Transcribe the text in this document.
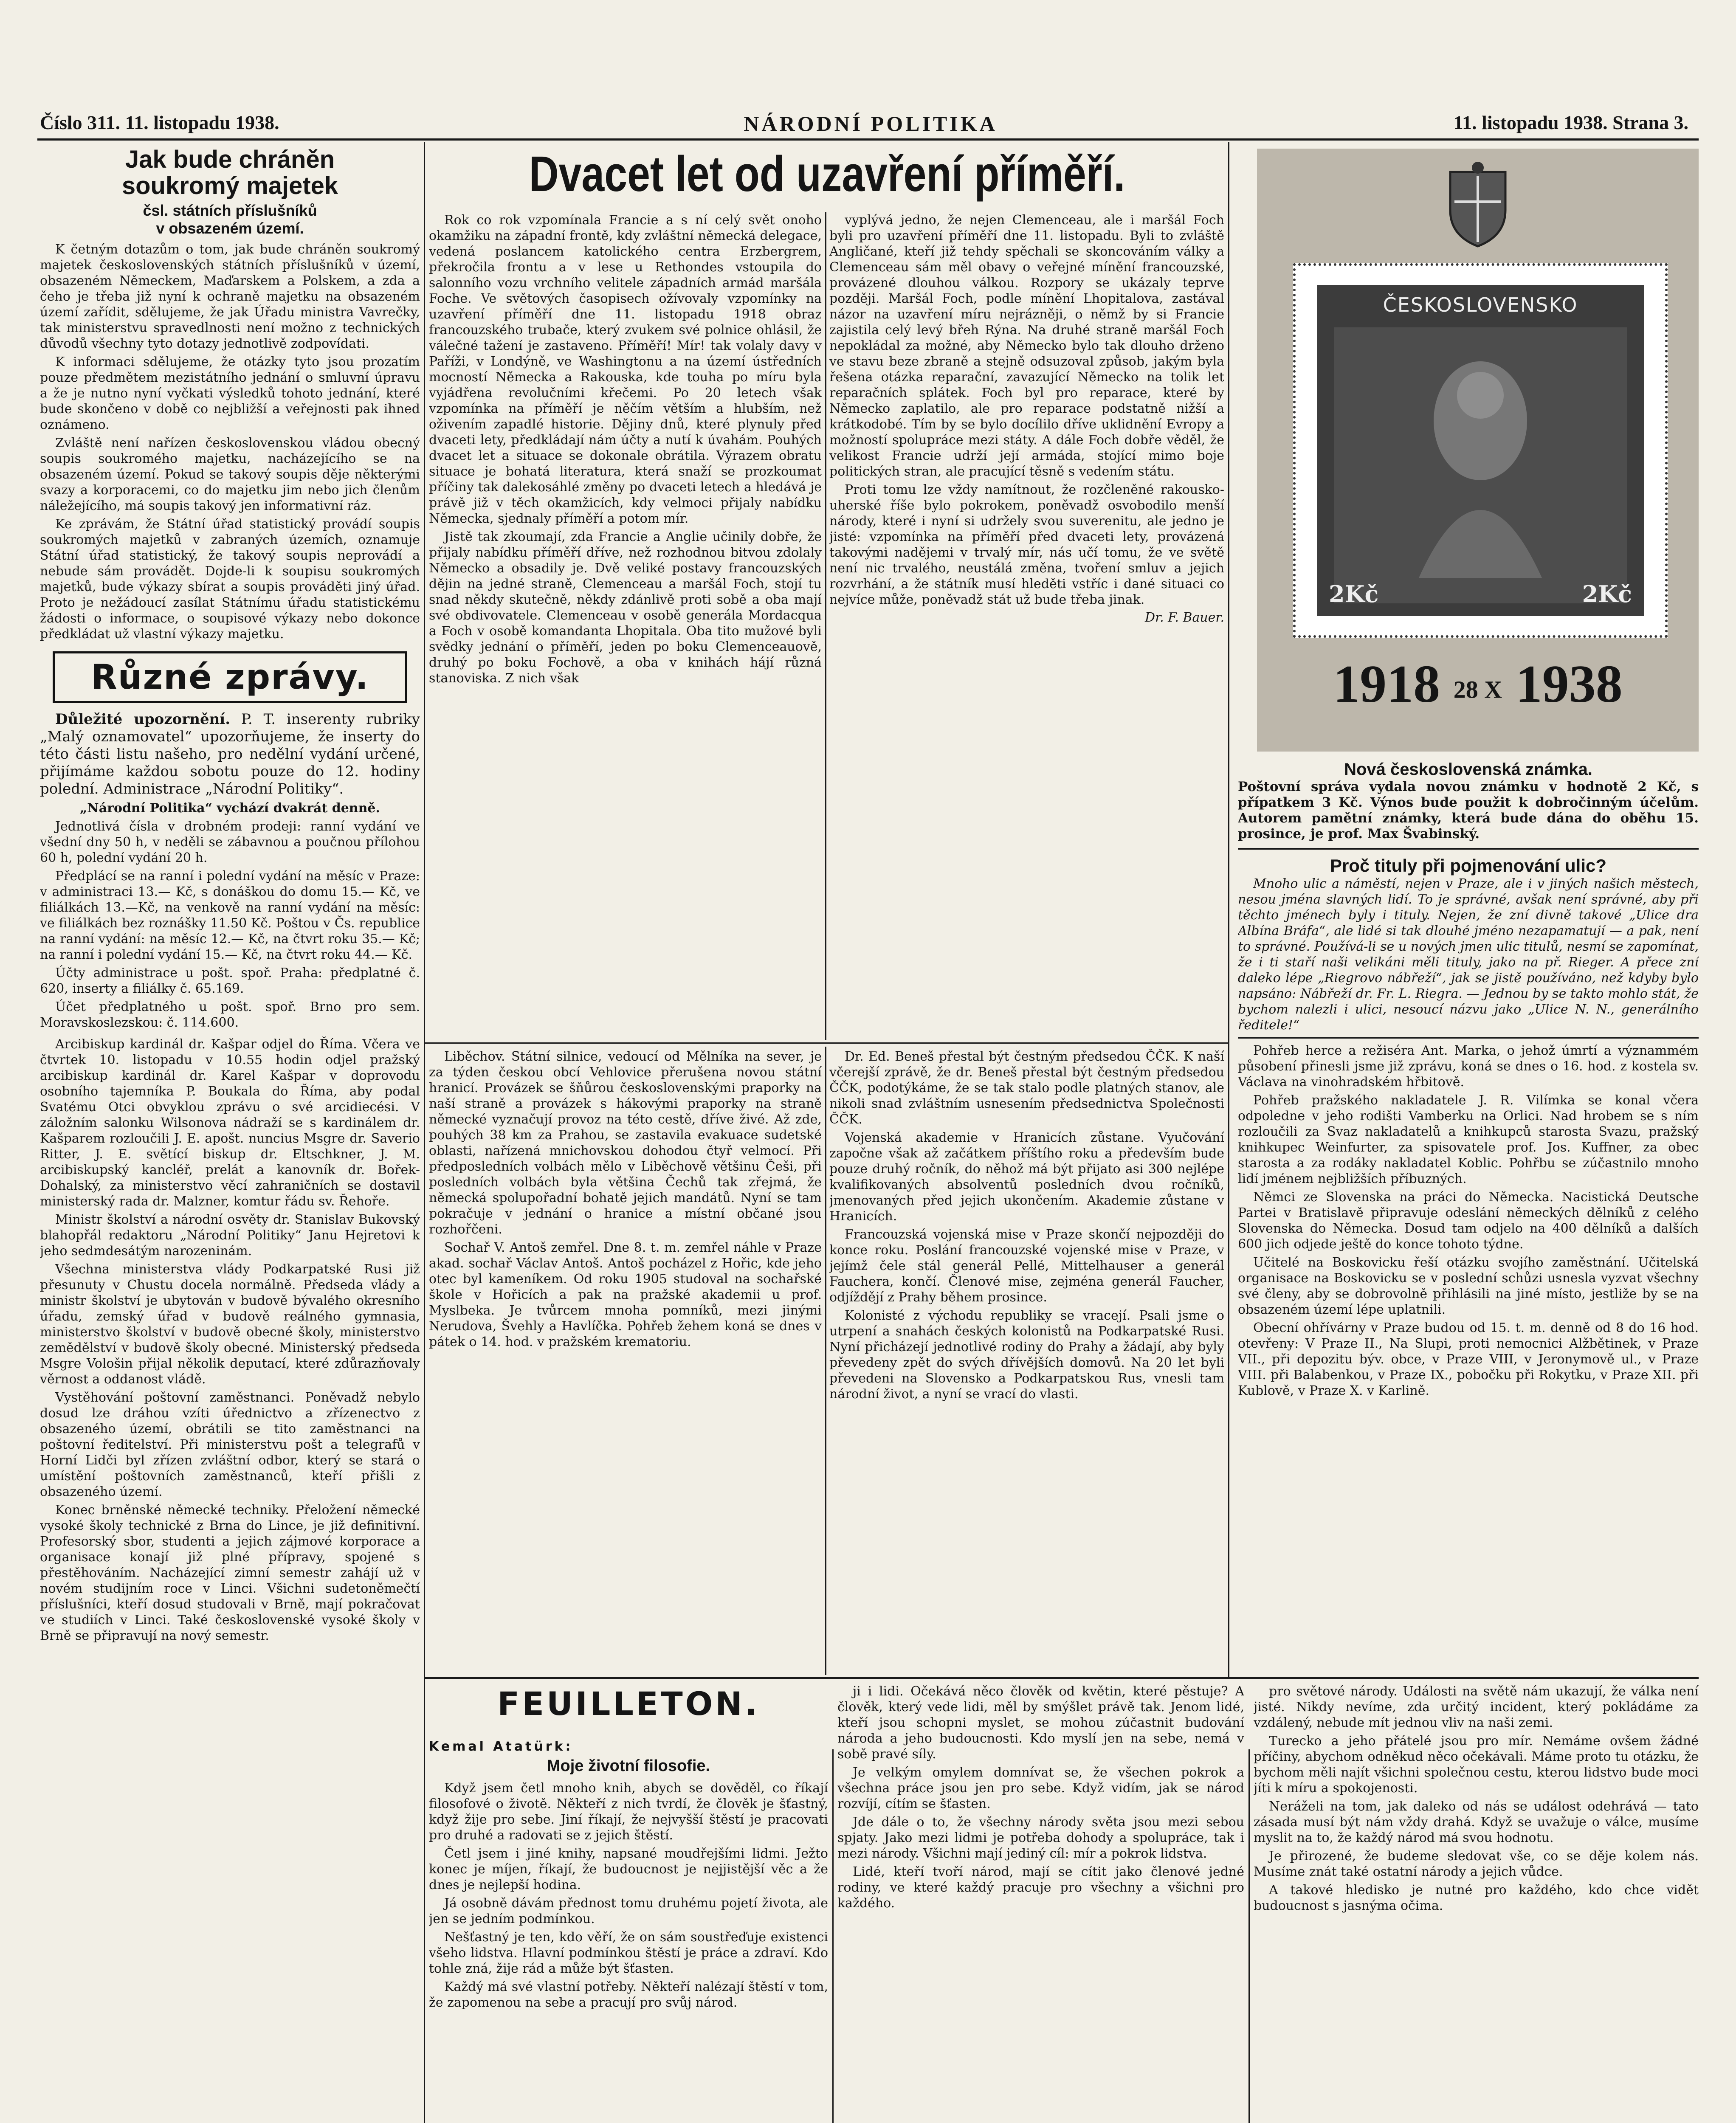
Číslo 311. 11. listopadu 1938.	NÁRODNÍ POLITIKA	11. listopadu 1938. Strana 3.
Jak bude chráněn
soukromý majetek
čsl. státních příslušníků
v obsazeném území.

K četným dotazům o tom, jak bude chráněn soukromý majetek československých státních příslušníků v území, obsazeném Německem, Maďarskem a Polskem, a zda a čeho je třeba již nyní k ochraně majetku na obsazeném území zařídit, sdělujeme, že jak Úřadu ministra Vavrečky, tak ministerstvu spravedlnosti není možno z technických důvodů všechny tyto dotazy jednotlivě zodpovídati.

K informaci sdělujeme, že otázky tyto jsou prozatím pouze předmětem mezistátního jednání o smluvní úpravu a že je nutno nyní vyčkati výsledků tohoto jednání, které bude skončeno v době co nejbližší a veřejnosti pak ihned oznámeno.

Zvláště není nařízen československou vládou obecný soupis soukromého majetku, nacházejícího se na obsazeném území. Pokud se takový soupis děje některými svazy a korporacemi, co do majetku jim nebo jich členům náležejícího, má soupis takový jen informativní ráz.

Ke zprávám, že Státní úřad statistický provádí soupis soukromých majetků v zabraných územích, oznamuje Státní úřad statistický, že takový soupis neprovádí a nebude sám provádět. Dojde-li k soupisu soukromých majetků, bude výkazy sbírat a soupis prováděti jiný úřad. Proto je nežádoucí zasílat Státnímu úřadu statistickému žádosti o informace, o soupisové výkazy nebo dokonce předkládat už vlastní výkazy majetku.

Různé zprávy.

Důležité upozornění. P. T. inserenty rubriky „Malý oznamovatel“ upozorňujeme, že inserty do této části listu našeho, pro nedělní vydání určené, přijímáme každou sobotu pouze do 12. hodiny polední. Administrace „Národní Politiky“.

„Národní Politika“ vychází dvakrát denně.

Jednotlivá čísla v drobném prodeji: ranní vydání ve všední dny 50 h, v neděli se zábavnou a poučnou přílohou 60 h, polední vydání 20 h.

Předplácí se na ranní i polední vydání na měsíc v Praze: v administraci 13.— Kč, s donáškou do domu 15.— Kč, ve filiálkách 13.—Kč, na venkově na ranní vydání na měsíc: ve filiálkách bez roznášky 11.50 Kč. Poštou v Čs. republice na ranní vydání: na měsíc 12.— Kč, na čtvrt roku 35.— Kč; na ranní i polední vydání 15.— Kč, na čtvrt roku 44.— Kč.

Účty administrace u pošt. spoř. Praha: předplatné č. 620, inserty a filiálky č. 65.169.

Účet předplatného u pošt. spoř. Brno pro sem. Moravskoslezskou: č. 114.600.

Arcibiskup kardinál dr. Kašpar odjel do Říma. Včera ve čtvrtek 10. listopadu v 10.55 hodin odjel pražský arcibiskup kardinál dr. Karel Kašpar v doprovodu osobního tajemníka P. Boukala do Říma, aby podal Svatému Otci obvyklou zprávu o své arcidiecési. V záložním salonku Wilsonova nádraží se s kardinálem dr. Kašparem rozloučili J. E. apošt. nuncius Msgre dr. Saverio Ritter, J. E. světící biskup dr. Eltschkner, J. M. arcibiskupský kancléř, prelát a kanovník dr. Bořek-Dohalský, za ministerstvo věcí zahraničních se dostavil ministerský rada dr. Malzner, komtur řádu sv. Řehoře.

Ministr školství a národní osvěty dr. Stanislav Bukovský blahopřál redaktoru „Národní Politiky“ Janu Hejretovi k jeho sedmdesátým narozeninám.

Všechna ministerstva vlády Podkarpatské Rusi již přesunuty v Chustu docela normálně. Předseda vlády a ministr školství je ubytován v budově bývalého okresního úřadu, zemský úřad v budově reálného gymnasia, ministerstvo školství v budově obecné školy, ministerstvo zemědělství v budově školy obecné. Ministerský předseda Msgre Vološin přijal několik deputací, které zdůrazňovaly věrnost a oddanost vládě.

Vystěhování poštovní zaměstnanci. Poněvadž nebylo dosud lze dráhou vzíti úřednictvo a zřízenectvo z obsazeného území, obrátili se tito zaměstnanci na poštovní ředitelství. Při ministerstvu pošt a telegrafů v Horní Lidči byl zřízen zvláštní odbor, který se stará o umístění poštovních zaměstnanců, kteří přišli z obsazeného území.

Konec brněnské německé techniky. Přeložení německé vysoké školy technické z Brna do Lince, je již definitivní. Profesorský sbor, studenti a jejich zájmové korporace a organisace konají již plné přípravy, spojené s přestěhováním. Nacházející zimní semestr zahájí už v novém studijním roce v Linci. Všichni sudetoněmečtí příslušníci, kteří dosud studovali v Brně, mají pokračovat ve studiích v Linci. Také československé vysoké školy v Brně se připravují na nový semestr.

Dvacet let od uzavření příměří.

Rok co rok vzpomínala Francie a s ní celý svět onoho okamžiku na západní frontě, kdy zvláštní německá delegace, vedená poslancem katolického centra Erzbergrem, překročila frontu a v lese u Rethondes vstoupila do salonního vozu vrchního velitele západních armád maršála Foche. Ve světových časopisech ožívovaly vzpomínky na uzavření příměří dne 11. listopadu 1918 obraz francouzského trubače, který zvukem své polnice ohlásil, že válečné tažení je zastaveno. Příměří! Mír! tak volaly davy v Paříži, v Londýně, ve Washingtonu a na území ústředních mocností Německa a Rakouska, kde touha po míru byla vyjádřena revolučními křečemi. Po 20 letech však vzpomínka na příměří je něčím větším a hlubším, než oživením zapadlé historie. Dějiny dnů, které plynuly před dvaceti lety, předkládají nám účty a nutí k úvahám. Pouhých dvacet let a situace se dokonale obrátila. Výrazem obratu situace je bohatá literatura, která snaží se prozkoumat příčiny tak dalekosáhlé změny po dvaceti letech a hledává je právě již v těch okamžicích, kdy velmoci přijaly nabídku Německa, sjednaly příměří a potom mír.

Jistě tak zkoumají, zda Francie a Anglie učinily dobře, že přijaly nabídku příměří dříve, než rozhodnou bitvou zdolaly Německo a obsadily je. Dvě veliké postavy francouzských dějin na jedné straně, Clemenceau a maršál Foch, stojí tu snad někdy skutečně, někdy zdánlivě proti sobě a oba mají své obdivovatele. Clemenceau v osobě generála Mordacqua a Foch v osobě komandanta Lhopitala. Oba tito mužové byli svědky jednání o příměří, jeden po boku Clemenceauově, druhý po boku Fochově, a oba v knihách hájí různá stanoviska. Z nich však

vyplývá jedno, že nejen Clemenceau, ale i maršál Foch byli pro uzavření příměří dne 11. listopadu. Byli to zvláště Angličané, kteří již tehdy spěchali se skoncováním války a Clemenceau sám měl obavy o veřejné mínění francouzské, provázené dlouhou válkou. Rozpory se ukázaly teprve později. Maršál Foch, podle mínění Lhopitalova, zastával názor na uzavření míru nejrázněji, o němž by si Francie zajistila celý levý břeh Rýna. Na druhé straně maršál Foch nepokládal za možné, aby Německo bylo tak dlouho drženo ve stavu beze zbraně a stejně odsuzoval způsob, jakým byla řešena otázka reparační, zavazující Německo na tolik let reparačních splátek. Foch byl pro reparace, které by Německo zaplatilo, ale pro reparace podstatně nižší a krátkodobé. Tím by se bylo docílilo dříve uklidnění Evropy a možností spolupráce mezi státy. A dále Foch dobře věděl, že velikost Francie udrží její armáda, stojící mimo boje politických stran, ale pracující těsně s vedením státu.

Proti tomu lze vždy namítnout, že rozčleněné rakousko-uherské říše bylo pokrokem, poněvadž osvobodilo menší národy, které i nyní si udržely svou suverenitu, ale jedno je jisté: vzpomínka na příměří před dvaceti lety, provázená takovými nadějemi v trvalý mír, nás učí tomu, že ve světě není nic trvalého, neustálá změna, tvoření smluv a jejich rozvrhání, a že státník musí hleděti vstříc i dané situaci co nejvíce může, poněvadž stát už bude třeba jinak.

Dr. F. Bauer.

ČESKOSLOVENSKO
2Kč	2Kč
1918 28 X 1938

Nová československá známka.

Poštovní správa vydala novou známku v hodnotě 2 Kč, s přípatkem 3 Kč. Výnos bude použit k dobročinným účelům. Autorem pamětní známky, která bude dána do oběhu 15. prosince, je prof. Max Švabinský.

Proč tituly při pojmenování ulic?

Mnoho ulic a náměstí, nejen v Praze, ale i v jiných našich městech, nesou jména slavných lidí. To je správné, avšak není správné, aby při těchto jménech byly i tituly. Nejen, že zní divně takové „Ulice dra Albína Bráfa“, ale lidé si tak dlouhé jméno nezapamatují — a pak, není to správné. Používá-li se u nových jmen ulic titulů, nesmí se zapomínat, že i ti staří naši velikáni měli tituly, jako na př. Rieger. A přece zní daleko lépe „Riegrovo nábřeží“, jak se jistě používáno, než kdyby bylo napsáno: Nábřeží dr. Fr. L. Riegra. — Jednou by se takto mohlo stát, že bychom nalezli i ulici, nesoucí názvu jako „Ulice N. N., generálního ředitele!“

Pohřeb herce a režiséra Ant. Marka, o jehož úmrtí a význammém působení přinesli jsme již zprávu, koná se dnes o 16. hod. z kostela sv. Václava na vinohradském hřbitově.

Pohřeb pražského nakladatele J. R. Vilímka se konal včera odpoledne v jeho rodišti Vamberku na Orlici. Nad hrobem se s ním rozloučili za Svaz nakladatelů a knihkupců starosta Svazu, pražský knihkupec Weinfurter, za spisovatele prof. Jos. Kuffner, za obec starosta a za rodáky nakladatel Koblic. Pohřbu se zúčastnilo mnoho lidí jménem nejbližších příbuzných.

Němci ze Slovenska na práci do Německa. Nacistická Deutsche Partei v Bratislavě připravuje odeslání německých dělníků z celého Slovenska do Německa. Dosud tam odjelo na 400 dělníků a dalších 600 jich odjede ještě do konce tohoto týdne.

Učitelé na Boskovicku řeší otázku svojího zaměstnání. Učitelská organisace na Boskovicku se v poslední schůzi usnesla vyzvat všechny své členy, aby se dobrovolně přihlásili na jiné místo, jestliže by se na obsazeném území lépe uplatnili.

Obecní ohřívárny v Praze budou od 15. t. m. denně od 8 do 16 hod. otevřeny: V Praze II., Na Slupi, proti nemocnici Alžbětinek, v Praze VII., při depozitu býv. obce, v Praze VIII, v Jeronymově ul., v Praze VIII. při Balabenkou, v Praze IX., pobočku při Rokytku, v Praze XII. při Kublově, v Praze X. v Karlině.

Liběchov. Státní silnice, vedoucí od Mělníka na sever, je za týden českou obcí Vehlovice přerušena novou státní hranicí. Provázek se šňůrou československými praporky na naší straně a provázek s hákovými praporky na straně německé vyznačují provoz na této cestě, dříve živé. Až zde, pouhých 38 km za Prahou, se zastavila evakuace sudetské oblasti, nařízená mnichovskou dohodou čtyř velmocí. Při předposledních volbách mělo v Liběchově většinu Češi, při posledních volbách byla většina Čechů tak zřejmá, že německá spolupořadní bohatě jejich mandátů. Nyní se tam pokračuje v jednání o hranice a místní občané jsou rozhořčeni.

Sochař V. Antoš zemřel. Dne 8. t. m. zemřel náhle v Praze akad. sochař Václav Antoš. Antoš pocházel z Hořic, kde jeho otec byl kameníkem. Od roku 1905 studoval na sochařské škole v Hořicích a pak na pražské akademii u prof. Myslbeka. Je tvůrcem mnoha pomníků, mezi jinými Nerudova, Švehly a Havlíčka. Pohřeb žehem koná se dnes v pátek o 14. hod. v pražském krematoriu.

Dr. Ed. Beneš přestal být čestným předsedou ČČK. K naší včerejší zprávě, že dr. Beneš přestal být čestným předsedou ČČK, podotýkáme, že se tak stalo podle platných stanov, ale nikoli snad zvláštním usnesením předsednictva Společnosti ČČK.

Vojenská akademie v Hranicích zůstane. Vyučování započne však až začátkem příštího roku a především bude pouze druhý ročník, do něhož má být přijato asi 300 nejlépe kvalifikovaných absolventů posledních dvou ročníků, jmenovaných před jejich ukončením. Akademie zůstane v Hranicích.

Francouzská vojenská mise v Praze skončí nejpozději do konce roku. Poslání francouzské vojenské mise v Praze, v jejímž čele stál generál Pellé, Mittelhauser a generál Fauchera, končí. Členové mise, zejména generál Faucher, odjíždějí z Prahy během prosince.

Kolonisté z východu republiky se vracejí. Psali jsme o utrpení a snahách českých kolonistů na Podkarpatské Rusi. Nyní přicházejí jednotlivé rodiny do Prahy a žádají, aby byly převedeny zpět do svých dřívějších domovů. Na 20 let byli převedeni na Slovensko a Podkarpatskou Rus, vnesli tam národní život, a nyní se vrací do vlasti.

FEUILLETON.

Kemal Atatürk:

Moje životní filosofie.

Když jsem četl mnoho knih, abych se dověděl, co říkají filosofové o životě. Někteří z nich tvrdí, že člověk je šťastný, když žije pro sebe. Jiní říkají, že nejvyšší štěstí je pracovati pro druhé a radovati se z jejich štěstí.

Četl jsem i jiné knihy, napsané moudřejšími lidmi. Ježto konec je míjen, říkají, že budoucnost je nejjistější věc a že dnes je nejlepší hodina.

Já osobně dávám přednost tomu druhému pojetí života, ale jen se jedním podmínkou.

Nešťastný je ten, kdo věří, že on sám soustřeďuje existenci všeho lidstva. Hlavní podmínkou štěstí je práce a zdraví. Kdo tohle zná, žije rád a může být šťasten.

Každý má své vlastní potřeby. Někteří nalézají štěstí v tom, že zapomenou na sebe a pracují pro svůj národ.

ji i lidi. Očekává něco člověk od květin, které pěstuje? A člověk, který vede lidi, měl by smýšlet právě tak. Jenom lidé, kteří jsou schopni myslet, se mohou zúčastnit budování národa a jeho budoucnosti. Kdo myslí jen na sebe, nemá v sobě pravé síly.

Je velkým omylem domnívat se, že všechen pokrok a všechna práce jsou jen pro sebe. Když vidím, jak se národ rozvíjí, cítím se šťasten.

Jde dále o to, že všechny národy světa jsou mezi sebou spjaty. Jako mezi lidmi je potřeba dohody a spolupráce, tak i mezi národy. Všichni mají jediný cíl: mír a pokrok lidstva.

Lidé, kteří tvoří národ, mají se cítit jako členové jedné rodiny, ve které každý pracuje pro všechny a všichni pro každého.

pro světové národy. Události na světě nám ukazují, že válka není jisté. Nikdy nevíme, zda určitý incident, který pokládáme za vzdálený, nebude mít jednou vliv na naši zemi.

Turecko a jeho přátelé jsou pro mír. Nemáme ovšem žádné příčiny, abychom odněkud něco očekávali. Máme proto tu otázku, že bychom měli najít všichni společnou cestu, kterou lidstvo bude moci jíti k míru a spokojenosti.

Neráželi na tom, jak daleko od nás se událost odehrává — tato zásada musí být nám vždy drahá. Když se uvažuje o válce, musíme myslit na to, že každý národ má svou hodnotu.

Je přirozené, že budeme sledovat vše, co se děje kolem nás. Musíme znát také ostatní národy a jejich vůdce.

A takové hledisko je nutné pro každého, kdo chce vidět budoucnost s jasnýma očima.
